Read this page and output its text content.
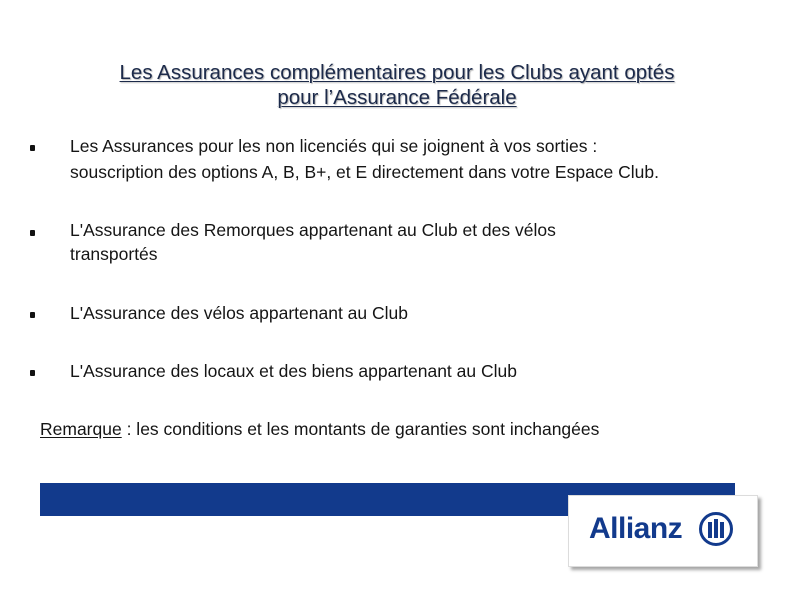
Les Assurances complémentaires pour les Clubs ayant optés
pour l’Assurance Fédérale
Les Assurances pour les non licenciés qui se joignent à vos sorties :
souscription des options A, B, B+, et E directement dans votre Espace Club.
L'Assurance des Remorques appartenant au Club et des vélos
transportés
L'Assurance des vélos appartenant au Club
L'Assurance des locaux et des biens appartenant au Club
Remarque : les conditions et les montants de garanties sont inchangées
Allianz
